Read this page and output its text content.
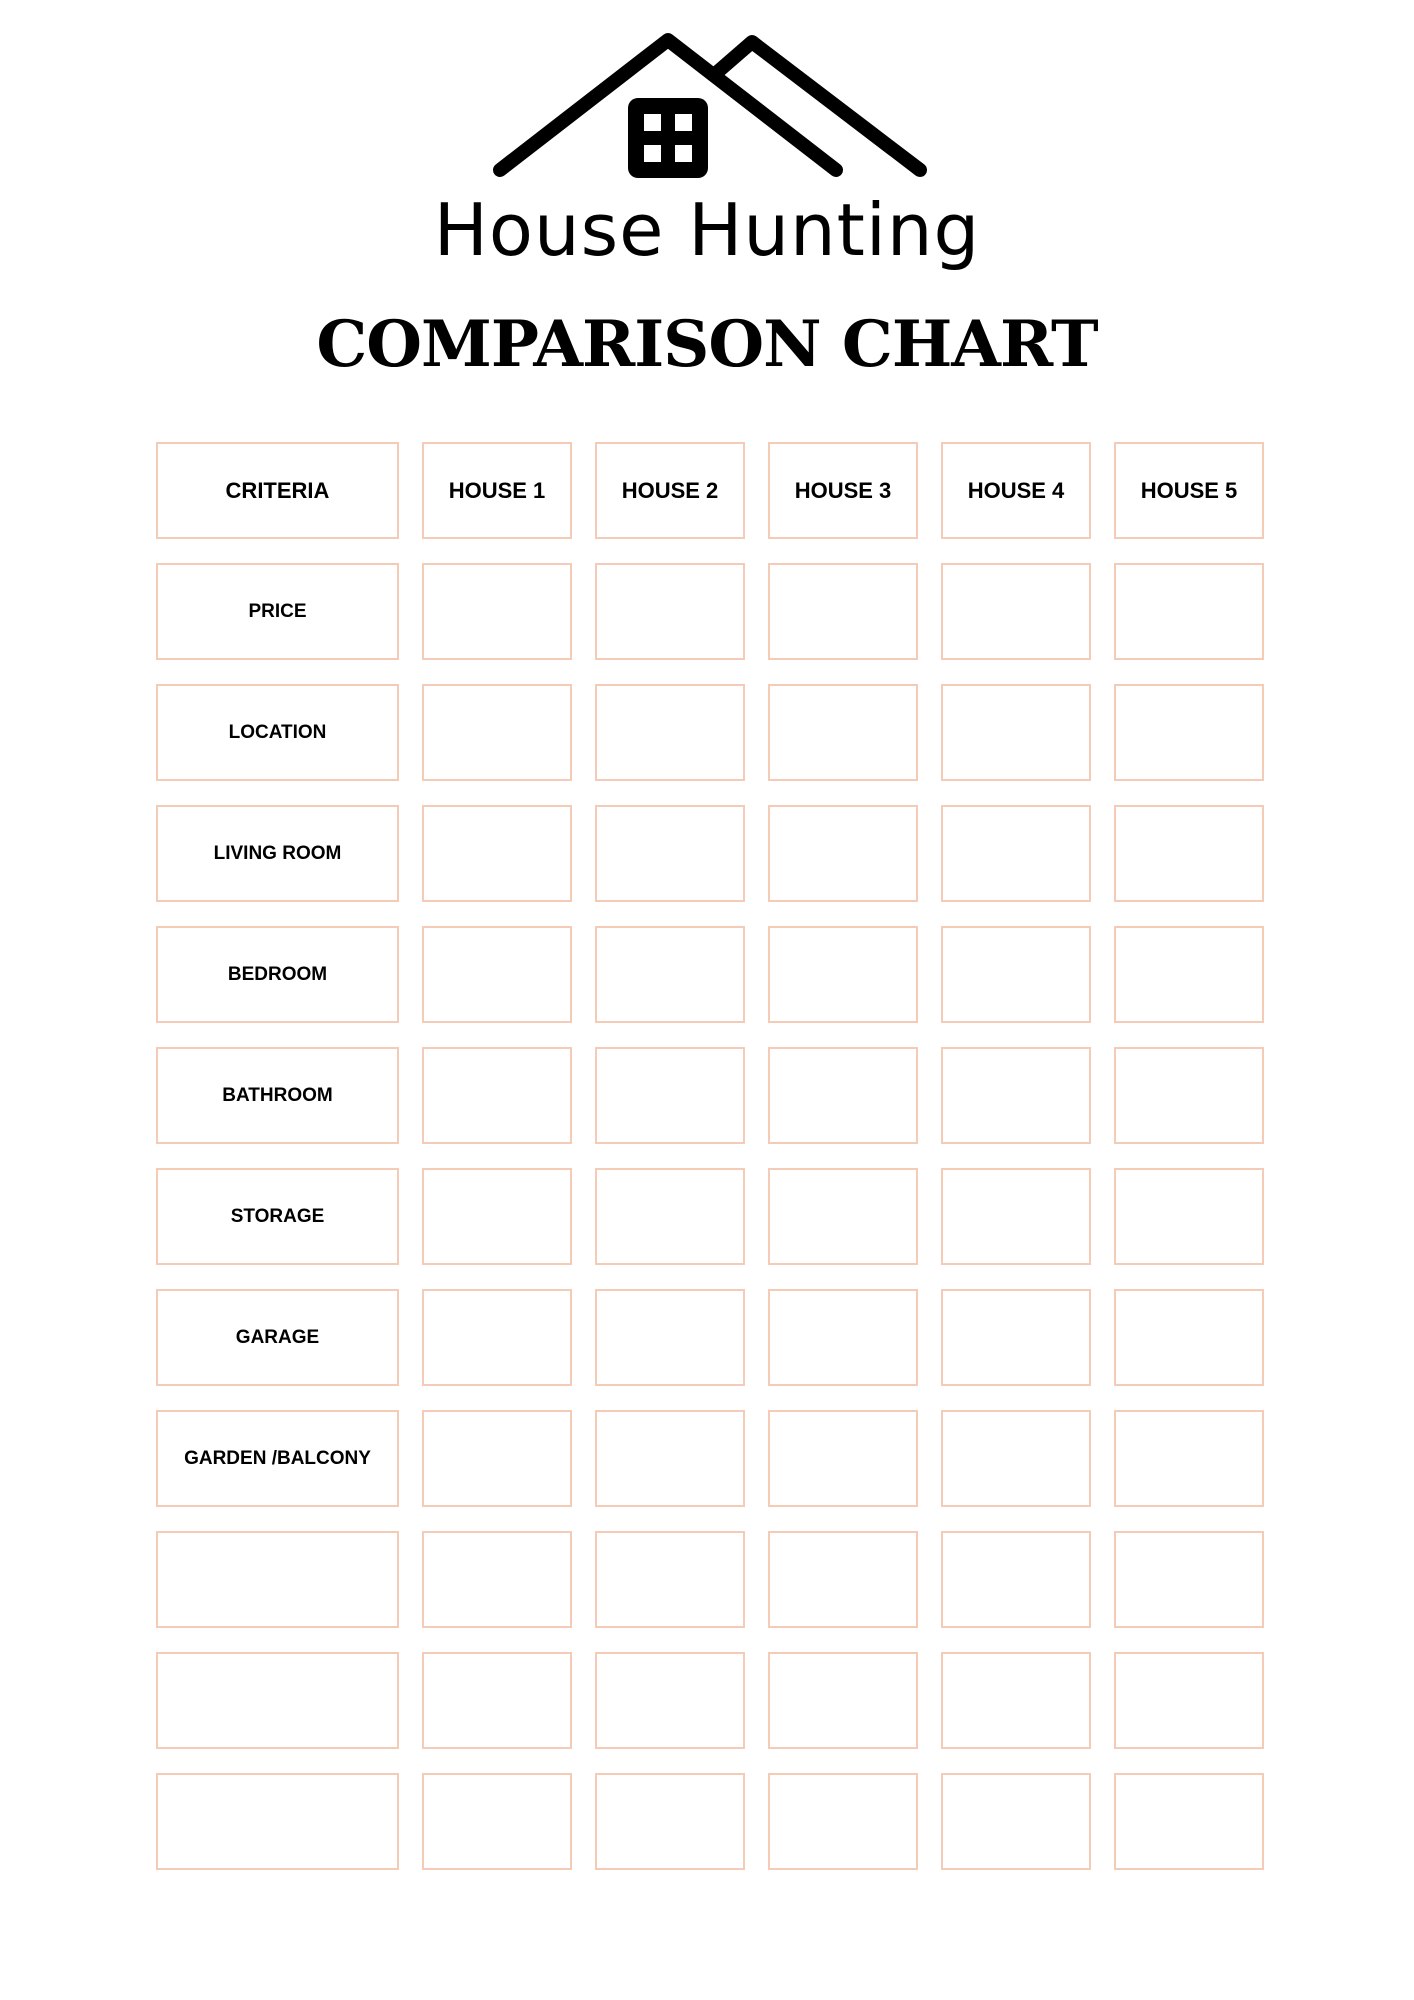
House Hunting
COMPARISON CHART
CRITERIA	HOUSE 1	HOUSE 2	HOUSE 3	HOUSE 4	HOUSE 5
PRICE
LOCATION
LIVING ROOM
BEDROOM
BATHROOM
STORAGE
GARAGE
GARDEN /BALCONY
